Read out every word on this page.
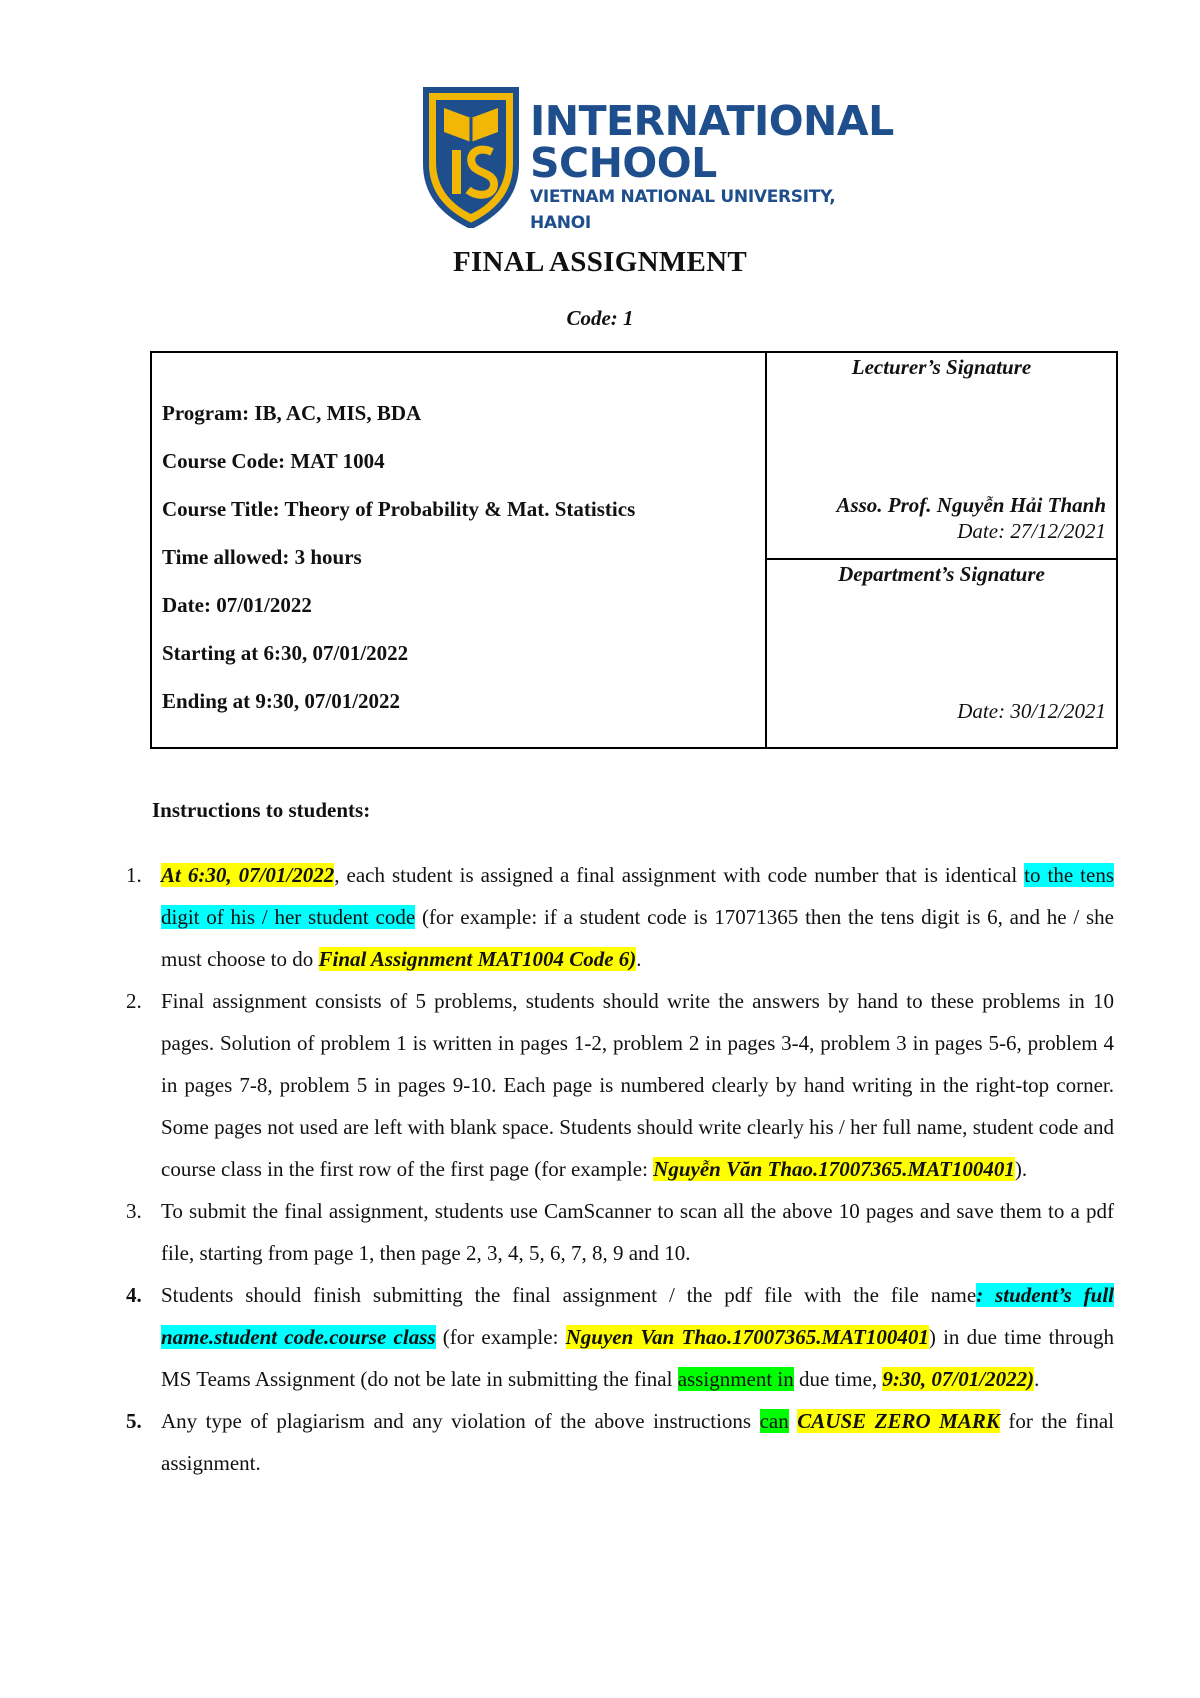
INTERNATIONAL
SCHOOL
VIETNAM NATIONAL UNIVERSITY, HANOI
FINAL ASSIGNMENT
Code: 1
Program: IB, AC, MIS, BDA
Course Code: MAT 1004
Course Title: Theory of Probability & Mat. Statistics
Time allowed: 3 hours
Date: 07/01/2022
Starting at 6:30, 07/01/2022
Ending at 9:30, 07/01/2022
Lecturer’s Signature
Asso. Prof. Nguyễn Hải Thanh
Date: 27/12/2021
Department’s Signature
Date: 30/12/2021
Instructions to students:

1. At 6:30, 07/01/2022, each student is assigned a final assignment with code number that is identical to the tens digit of his / her student code (for example: if a student code is 17071365 then the tens digit is 6, and he / she must choose to do Final Assignment MAT1004 Code 6).

2. Final assignment consists of 5 problems, students should write the answers by hand to these problems in 10 pages. Solution of problem 1 is written in pages 1-2, problem 2 in pages 3-4, problem 3 in pages 5-6, problem 4 in pages 7-8, problem 5 in pages 9-10. Each page is numbered clearly by hand writing in the right-top corner. Some pages not used are left with blank space. Students should write clearly his / her full name, student code and course class in the first row of the first page (for example: Nguyễn Văn Thao.17007365.MAT100401).

3. To submit the final assignment, students use CamScanner to scan all the above 10 pages and save them to a pdf file, starting from page 1, then page 2, 3, 4, 5, 6, 7, 8, 9 and 10.

4. Students should finish submitting the final assignment / the pdf file with the file name: student’s full name.student code.course class (for example: Nguyen Van Thao.17007365.MAT100401) in due time through MS Teams Assignment (do not be late in submitting the final assignment in due time, 9:30, 07/01/2022).

5. Any type of plagiarism and any violation of the above instructions can CAUSE ZERO MARK for the final assignment.
